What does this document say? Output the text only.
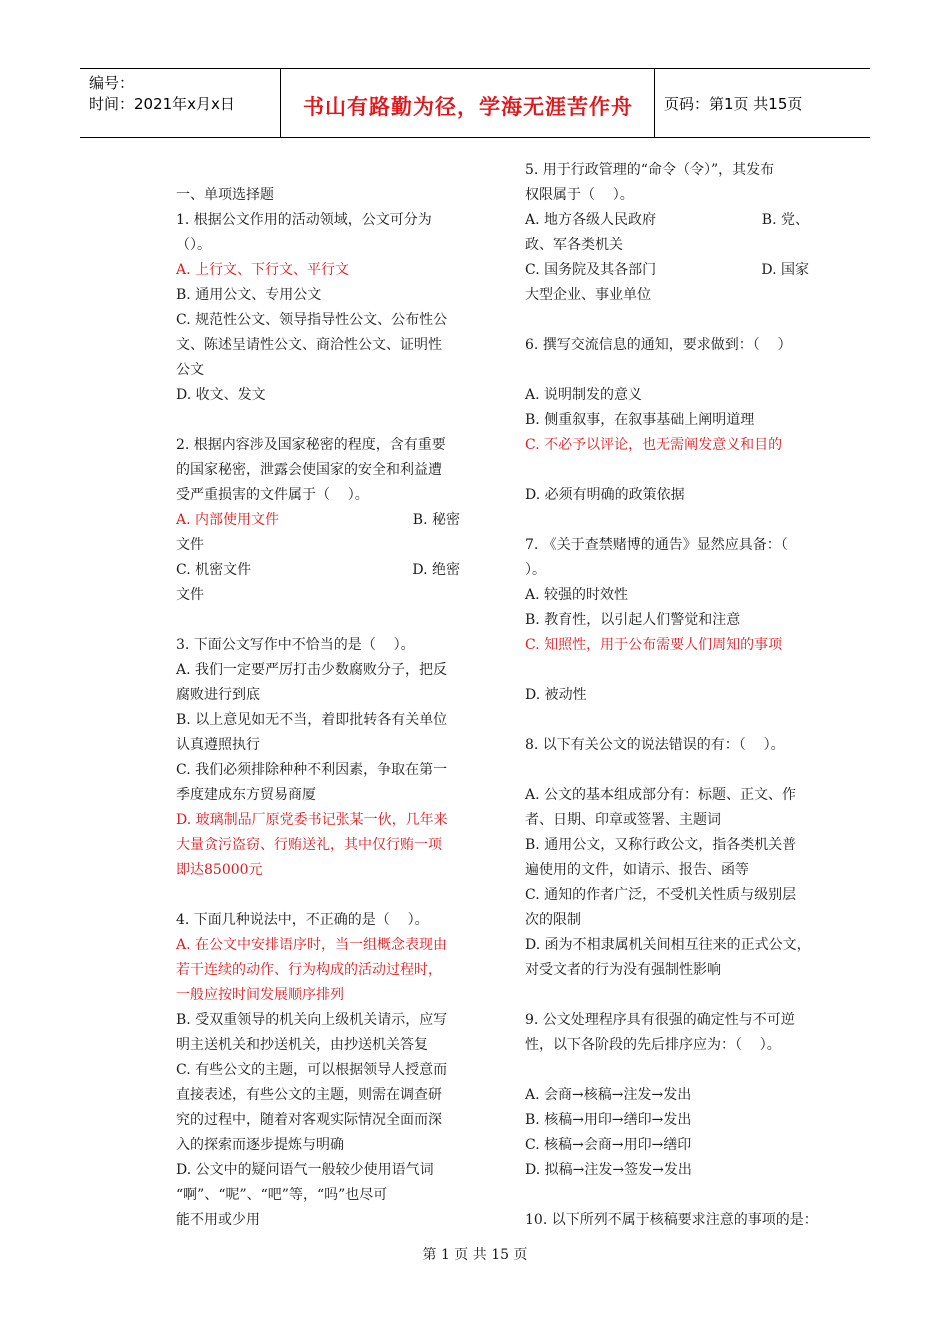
编号：
时间：2021年x月x日	书山有路勤为径，学海无涯苦作舟	页码：第1页 共15页
一、单项选择题
1. 根据公文作用的活动领域，公文可分为
（）。
A. 上行文、下行文、平行文
B. 通用公文、专用公文
C. 规范性公文、领导指导性公文、公布性公
文、陈述呈请性公文、商洽性公文、证明性
公文
D. 收文、发文
2. 根据内容涉及国家秘密的程度，含有重要
的国家秘密，泄露会使国家的安全和利益遭
受严重损害的文件属于（    ）。
A. 内部使用文件	B. 秘密
文件
C. 机密文件	D. 绝密
文件
3. 下面公文写作中不恰当的是（    ）。
A. 我们一定要严厉打击少数腐败分子，把反
腐败进行到底
B. 以上意见如无不当，着即批转各有关单位
认真遵照执行
C. 我们必须排除种种不利因素，争取在第一
季度建成东方贸易商厦
D. 玻璃制品厂原党委书记张某一伙，几年来
大量贪污盗窃、行贿送礼，其中仅行贿一项
即达85000元
4. 下面几种说法中，不正确的是（    ）。
A. 在公文中安排语序时，当一组概念表现由
若干连续的动作、行为构成的活动过程时，
一般应按时间发展顺序排列
B. 受双重领导的机关向上级机关请示，应写
明主送机关和抄送机关，由抄送机关答复
C. 有些公文的主题，可以根据领导人授意而
直接表述，有些公文的主题，则需在调查研
究的过程中，随着对客观实际情况全面而深
入的探索而逐步提炼与明确
D. 公文中的疑问语气一般较少使用语气词
“啊”、“呢”、“吧”等，“吗”也尽可
能不用或少用
5. 用于行政管理的“命令（令）”，其发布
权限属于（    ）。
A. 地方各级人民政府	B. 党、
政、军各类机关
C. 国务院及其各部门	D. 国家
大型企业、事业单位
6. 撰写交流信息的通知，要求做到：（    ）
A. 说明制发的意义
B. 侧重叙事，在叙事基础上阐明道理
C. 不必予以评论，也无需阐发意义和目的
D. 必须有明确的政策依据
7. 《关于查禁赌博的通告》显然应具备：（
）。
A. 较强的时效性
B. 教育性，以引起人们警觉和注意
C. 知照性，用于公布需要人们周知的事项
D. 被动性
8. 以下有关公文的说法错误的有：（    ）。
A. 公文的基本组成部分有：标题、正文、作
者、日期、印章或签署、主题词
B. 通用公文，又称行政公文，指各类机关普
遍使用的文件，如请示、报告、函等
C. 通知的作者广泛，不受机关性质与级别层
次的限制
D. 函为不相隶属机关间相互往来的正式公文，
对受文者的行为没有强制性影响
9. 公文处理程序具有很强的确定性与不可逆
性，以下各阶段的先后排序应为：（    ）。
A. 会商→核稿→注发→发出
B. 核稿→用印→缮印→发出
C. 核稿→会商→用印→缮印
D. 拟稿→注发→签发→发出
10. 以下所列不属于核稿要求注意的事项的是：
第 1 页 共 15 页
